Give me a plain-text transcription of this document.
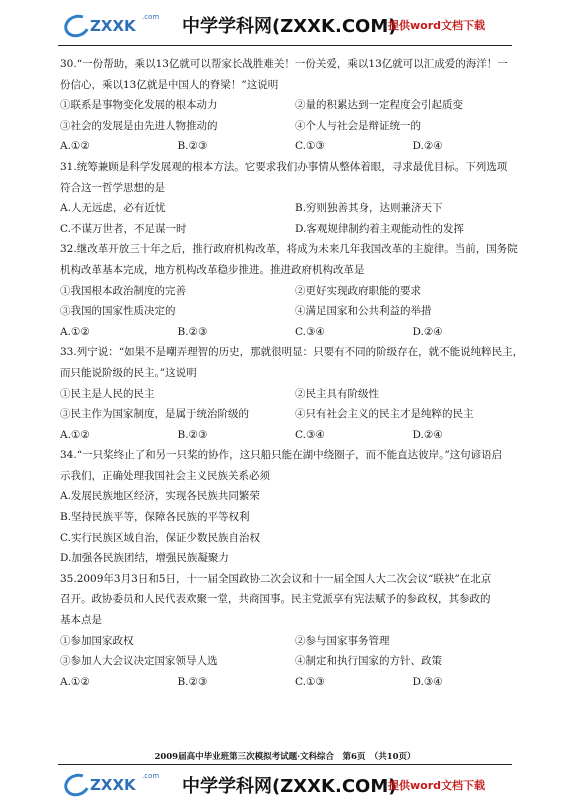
ZXXK .com 中学学科网(ZXXK.COM)
提供word文档下载
30.“一份帮助，乘以13亿就可以帮家长战胜难关！一份关爱，乘以13亿就可以汇成爱的海洋！一
份信心，乘以13亿就是中国人的脊梁！”这说明
①联系是事物变化发展的根本动力	②量的积累达到一定程度会引起质变
③社会的发展是由先进人物推动的	④个人与社会是辩证统一的
A.①②	B.②③	C.①③	D.②④
31.统筹兼顾是科学发展观的根本方法。它要求我们办事情从整体着眼，寻求最优目标。下列选项
符合这一哲学思想的是
A.人无远虑，必有近忧	B.穷则独善其身，达则兼济天下
C.不谋万世者，不足谋一时	D.客观规律制约着主观能动性的发挥
32.继改革开放三十年之后，推行政府机构改革，将成为未来几年我国改革的主旋律。当前，国务院
机构改革基本完成，地方机构改革稳步推进。推进政府机构改革是
①我国根本政治制度的完善	②更好实现政府职能的要求
③我国的国家性质决定的	④满足国家和公共利益的举措
A.①②	B.②③	C.③④	D.②④
33.列宁说：“如果不是嘲弄理智的历史，那就很明显：只要有不同的阶级存在，就不能说纯粹民主，
而只能说阶级的民主。”这说明
①民主是人民的民主	②民主具有阶级性
③民主作为国家制度，是属于统治阶级的	④只有社会主义的民主才是纯粹的民主
A.①②	B.②③	C.③④	D.②④
34.“一只桨终止了和另一只桨的协作，这只船只能在湖中绕圈子，而不能直达彼岸。”这句谚语启
示我们，正确处理我国社会主义民族关系必须
A.发展民族地区经济，实现各民族共同繁荣
B.坚持民族平等，保障各民族的平等权利
C.实行民族区域自治，保证少数民族自治权
D.加强各民族团结，增强民族凝聚力
35.2009年3月3日和5日，十一届全国政协二次会议和十一届全国人大二次会议“联袂”在北京
召开。政协委员和人民代表欢聚一堂，共商国事。民主党派享有宪法赋予的参政权，其参政的
基本点是
①参加国家政权	②参与国家事务管理
③参加人大会议决定国家领导人选	④制定和执行国家的方针、政策
A.①②	B.②③	C.①③	D.③④
2009届高中毕业班第三次模拟考试题·文科综合　第6页　（共10页）
ZXXK .com 中学学科网(ZXXK.COM)
提供word文档下载
